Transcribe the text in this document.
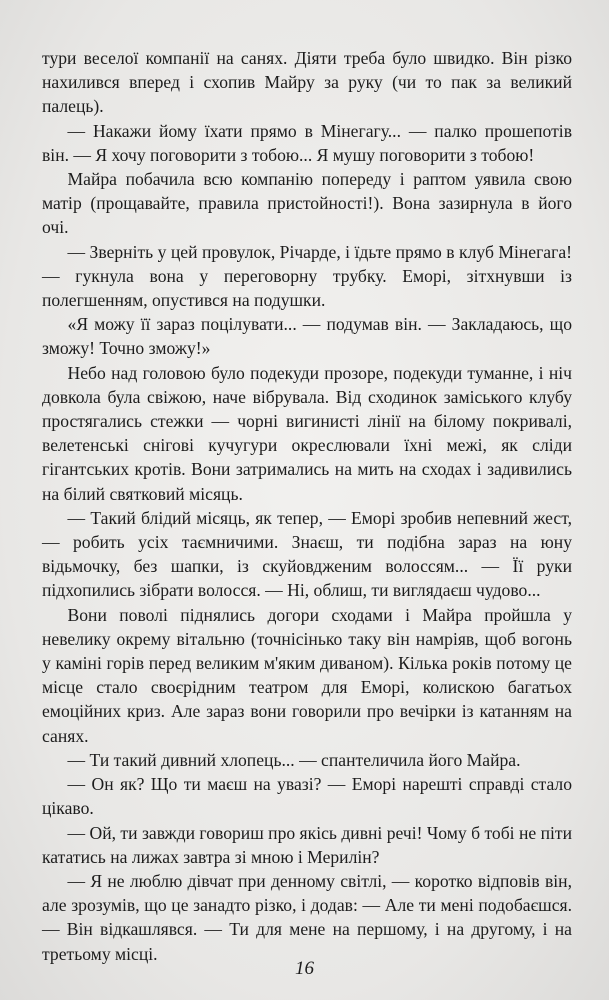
тури веселої компанії на санях. Діяти треба було швидко. Він різко нахилився вперед і схопив Майру за руку (чи то пак за великий палець).

— Накажи йому їхати прямо в Мінегагу... — палко прошепотів він. — Я хочу поговорити з тобою... Я мушу поговорити з тобою!

Майра побачила всю компанію попереду і раптом уявила свою матір (прощавайте, правила пристойності!). Вона зазирнула в його очі.

— Зверніть у цей провулок, Річарде, і їдьте прямо в клуб Мінегага! — гукнула вона у переговорну трубку. Еморі, зітхнувши із полегшенням, опустився на подушки.

«Я можу її зараз поцілувати... — подумав він. — Закладаюсь, що зможу! Точно зможу!»

Небо над головою було подекуди прозоре, подекуди туманне, і ніч довкола була свіжою, наче вібрувала. Від сходинок заміського клубу простягались стежки — чорні вигинисті лінії на білому покривалі, велетенські снігові кучугури окреслювали їхні межі, як сліди гігантських кротів. Вони затримались на мить на сходах і задивились на білий святковий місяць.

— Такий блідий місяць, як тепер, — Еморі зробив непевний жест, — робить усіх таємничими. Знаєш, ти подібна зараз на юну відьмочку, без шапки, із скуйовдженим волоссям... — Її руки підхопились зібрати волосся. — Ні, облиш, ти виглядаєш чудово...

Вони поволі піднялись догори сходами і Майра пройшла у невелику окрему вітальню (точнісінько таку він намріяв, щоб вогонь у каміні горів перед великим м'яким диваном). Кілька років потому це місце стало своєрідним театром для Еморі, колискою багатьох емоційних криз. Але зараз вони говорили про вечірки із катанням на санях.

— Ти такий дивний хлопець... — спантеличила його Майра.

— Он як? Що ти маєш на увазі? — Еморі нарешті справді стало цікаво.

— Ой, ти завжди говориш про якісь дивні речі! Чому б тобі не піти кататись на лижах завтра зі мною і Мерилін?

— Я не люблю дівчат при денному світлі, — коротко відповів він, але зрозумів, що це занадто різко, і додав: — Але ти мені подобаєшся. — Він відкашлявся. — Ти для мене на першому, і на другому, і на третьому місці.

16
